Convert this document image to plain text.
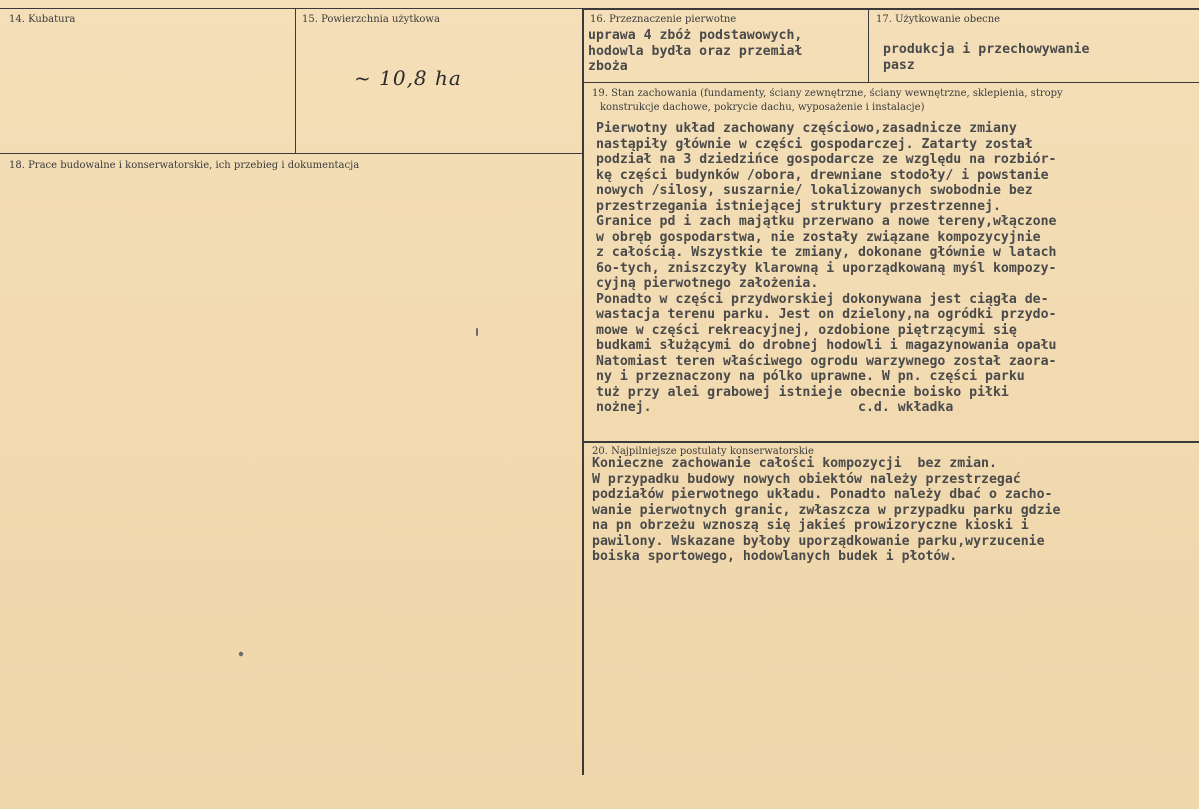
14. Kubatura	15. Powierzchnia użytkowa
~ 10,8 ha
16. Przeznaczenie pierwotne
uprawa 4 zbóż podstawowych,
hodowla bydła oraz przemiał
zboża
17. Użytkowanie obecne
produkcja i przechowywanie
pasz
18. Prace budowalne i konserwatorskie, ich przebieg i dokumentacja
19. Stan zachowania (fundamenty, ściany zewnętrzne, ściany wewnętrzne, sklepienia, stropy
konstrukcje dachowe, pokrycie dachu, wyposażenie i instalacje)
Pierwotny układ zachowany częściowo,zasadnicze zmiany
nastąpiły głównie w części gospodarczej. Zatarty został
podział na 3 dziedzińce gospodarcze ze względu na rozbiór-
kę części budynków /obora, drewniane stodoły/ i powstanie
nowych /silosy, suszarnie/ lokalizowanych swobodnie bez
przestrzegania istniejącej struktury przestrzennej.
Granice pd i zach majątku przerwano a nowe tereny,włączone
w obręb gospodarstwa, nie zostały związane kompozycyjnie
z całością. Wszystkie te zmiany, dokonane głównie w latach
6o-tych, zniszczyły klarowną i uporządkowaną myśl kompozy-
cyjną pierwotnego założenia.
Ponadto w części przydworskiej dokonywana jest ciągła de-
wastacja terenu parku. Jest on dzielony,na ogródki przydo-
mowe w części rekreacyjnej, ozdobione piętrzącymi się
budkami służącymi do drobnej hodowli i magazynowania opału
Natomiast teren właściwego ogrodu warzywnego został zaora-
ny i przeznaczony na pólko uprawne. W pn. części parku
tuż przy alei grabowej istnieje obecnie boisko piłki
nożnej.                          c.d. wkładka
20. Najpilniejsze postulaty konserwatorskie
Konieczne zachowanie całości kompozycji  bez zmian.
W przypadku budowy nowych obiektów należy przestrzegać
podziałów pierwotnego układu. Ponadto należy dbać o zacho-
wanie pierwotnych granic, zwłaszcza w przypadku parku gdzie
na pn obrzeżu wznoszą się jakieś prowizoryczne kioski i
pawilony. Wskazane byłoby uporządkowanie parku,wyrzucenie
boiska sportowego, hodowlanych budek i płotów.
